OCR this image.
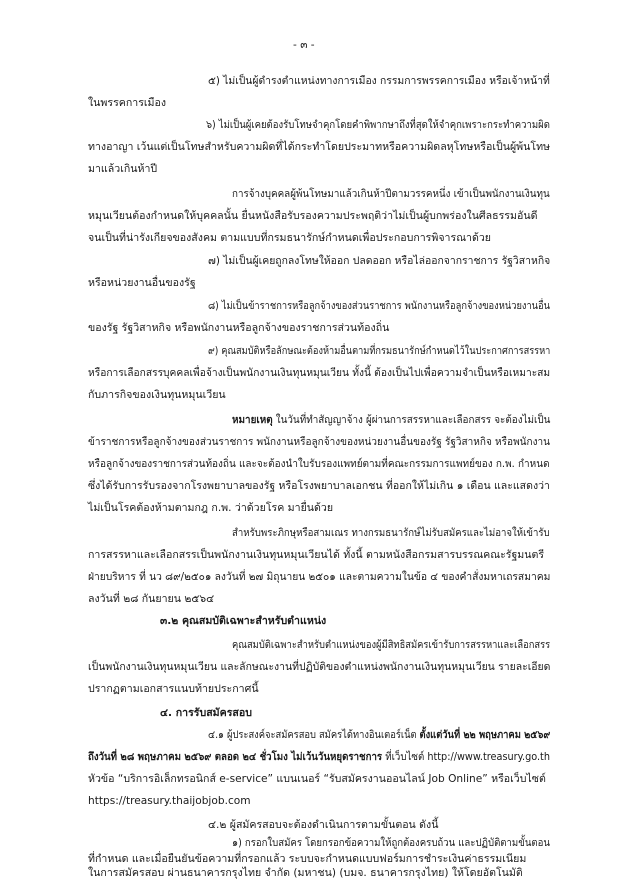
- ๓ -
๕) ไม่เป็นผู้ดำรงตำแหน่งทางการเมือง กรรมการพรรคการเมือง หรือเจ้าหน้าที่
ในพรรคการเมือง
๖) ไม่เป็นผู้เคยต้องรับโทษจำคุกโดยคำพิพากษาถึงที่สุดให้จำคุกเพราะกระทำความผิด
ทางอาญา เว้นแต่เป็นโทษสำหรับความผิดที่ได้กระทำโดยประมาทหรือความผิดลหุโทษหรือเป็นผู้พ้นโทษ
มาแล้วเกินห้าปี
การจ้างบุคคลผู้พ้นโทษมาแล้วเกินห้าปีตามวรรคหนึ่ง เข้าเป็นพนักงานเงินทุน
หมุนเวียนต้องกำหนดให้บุคคลนั้น ยื่นหนังสือรับรองความประพฤติว่าไม่เป็นผู้บกพร่องในศีลธรรมอันดี
จนเป็นที่น่ารังเกียจของสังคม ตามแบบที่กรมธนารักษ์กำหนดเพื่อประกอบการพิจารณาด้วย
๗) ไม่เป็นผู้เคยถูกลงโทษให้ออก ปลดออก หรือไล่ออกจากราชการ รัฐวิสาหกิจ
หรือหน่วยงานอื่นของรัฐ
๘) ไม่เป็นข้าราชการหรือลูกจ้างของส่วนราชการ พนักงานหรือลูกจ้างของหน่วยงานอื่น
ของรัฐ รัฐวิสาหกิจ หรือพนักงานหรือลูกจ้างของราชการส่วนท้องถิ่น
๙) คุณสมบัติหรือลักษณะต้องห้ามอื่นตามที่กรมธนารักษ์กำหนดไว้ในประกาศการสรรหา
หรือการเลือกสรรบุคคลเพื่อจ้างเป็นพนักงานเงินทุนหมุนเวียน ทั้งนี้ ต้องเป็นไปเพื่อความจำเป็นหรือเหมาะสม
กับภารกิจของเงินทุนหมุนเวียน
หมายเหตุ ในวันที่ทำสัญญาจ้าง ผู้ผ่านการสรรหาและเลือกสรร จะต้องไม่เป็น
ข้าราชการหรือลูกจ้างของส่วนราชการ พนักงานหรือลูกจ้างของหน่วยงานอื่นของรัฐ รัฐวิสาหกิจ หรือพนักงาน
หรือลูกจ้างของราชการส่วนท้องถิ่น และจะต้องนำใบรับรองแพทย์ตามที่คณะกรรมการแพทย์ของ ก.พ. กำหนด
ซึ่งได้รับการรับรองจากโรงพยาบาลของรัฐ หรือโรงพยาบาลเอกชน ที่ออกให้ไม่เกิน ๑ เดือน และแสดงว่า
ไม่เป็นโรคต้องห้ามตามกฎ ก.พ. ว่าด้วยโรค มายื่นด้วย
สำหรับพระภิกษุหรือสามเณร ทางกรมธนารักษ์ไม่รับสมัครและไม่อาจให้เข้ารับ
การสรรหาและเลือกสรรเป็นพนักงานเงินทุนหมุนเวียนได้ ทั้งนี้ ตามหนังสือกรมสารบรรณคณะรัฐมนตรี
ฝ่ายบริหาร ที่ นว ๘๙/๒๕๐๑ ลงวันที่ ๒๗ มิถุนายน ๒๕๐๑ และตามความในข้อ ๔ ของคำสั่งมหาเถรสมาคม
ลงวันที่ ๒๘ กันยายน ๒๕๖๔
๓.๒ คุณสมบัติเฉพาะสำหรับตำแหน่ง
คุณสมบัติเฉพาะสำหรับตำแหน่งของผู้มีสิทธิสมัครเข้ารับการสรรหาและเลือกสรร
เป็นพนักงานเงินทุนหมุนเวียน และลักษณะงานที่ปฏิบัติของตำแหน่งพนักงานเงินทุนหมุนเวียน รายละเอียด
ปรากฏตามเอกสารแนบท้ายประกาศนี้
๔. การรับสมัครสอบ
๔.๑ ผู้ประสงค์จะสมัครสอบ สมัครได้ทางอินเตอร์เน็ต ตั้งแต่วันที่ ๒๒ พฤษภาคม ๒๕๖๙
ถึงวันที่ ๒๘ พฤษภาคม ๒๕๖๙ ตลอด ๒๔ ชั่วโมง ไม่เว้นวันหยุดราชการ ที่เว็บไซต์ http://www.treasury.go.th
หัวข้อ “บริการอิเล็กทรอนิกส์ e-service” แบนเนอร์ “รับสมัครงานออนไลน์ Job Online” หรือเว็บไซต์
https://treasury.thaijobjob.com
๔.๒ ผู้สมัครสอบจะต้องดำเนินการตามขั้นตอน ดังนี้
๑) กรอกใบสมัคร โดยกรอกข้อความให้ถูกต้องครบถ้วน และปฏิบัติตามขั้นตอน
ที่กำหนด และเมื่อยืนยันข้อความที่กรอกแล้ว ระบบจะกำหนดแบบฟอร์มการชำระเงินค่าธรรมเนียม
ในการสมัครสอบ ผ่านธนาคารกรุงไทย จำกัด (มหาชน) (บมจ. ธนาคารกรุงไทย) ให้โดยอัตโนมัติ
